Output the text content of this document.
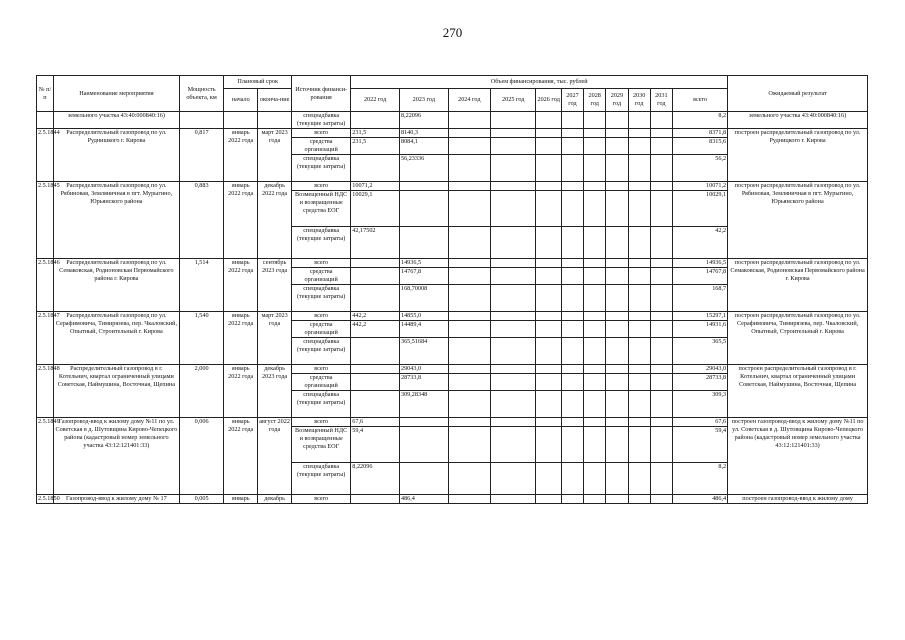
270
№ п/п	Наименование мероприятия	Мощность объекта, км	Плановый срок		Источник финанси-рования	Объем финансирования, тыс. рублей											Ожидаемый результат
			начало	оконча-ние		2022 год	2023 год	2024 год	2025 год	2026 год	2027 год	2028 год	2029 год	2030 год	2031 год	всего	

	земельного участка 43:40:000840:16)				спецнадбавка (текущие затраты)		8,22096									8,2	земельного участка 43:40:000840:16)
2.5.1844	Распределительный газопровод по ул. Руднишкого г. Кирова	0,817	январь 2022 года	март 2023 года	всего	231,5	8140,3									8371,8	построен распределительный газопровод по ул. Рудницкого г. Кирова
					средства организаций	231,5	8084,1									8315,6	
					спецнадбавка (текущие затраты)		56,23336									56,2	
2.5.1845	Распределительный газопровод по ул. Рябиновая, Земляничная в пгт. Мурыгино, Юрьянского района	0,883	январь 2022 года	декабрь 2022 года	всего	10071,2										10071,2	построен распределительный газопровод по ул. Рябиновая, Земляничная в пгт. Мурыгино, Юрьянского района
					Возмещенный НДС и возвращенные средства ЕОГ	10029,1										10029,1	
					спецнадбавка (текущие затраты)	42,17502										42,2	
2.5.1846	Распределительный газопровод по ул. Семаковская, Родионовская Первомайского района г. Кирова	1,514	январь 2022 года	сентябрь 2023 года	всего		14936,5									14936,5	построен распределительный газопровод по ул. Семаковская, Родионовская Первомайского района г. Кирова
					средства организаций		14767,8									14767,8	
					спецнадбавка (текущие затраты)		168,70008									168,7	
2.5.1847	Распределительный газопровод по ул. Серафимовича, Тимирязева, пер. Чкаловский, Опытный, Строительный г. Кирова	1,540	январь 2022 года	март 2023 года	всего	442,2	14855,0									15297,1	построен распределительный газопровод по ул. Серафимовича, Тимирязева, пер. Чкаловский, Опытный, Строительный г. Кирова
					средства организаций	442,2	14489,4									14931,6	
					спецнадбавка (текущие затраты)		365,51684									365,5	
2.5.1848	Распределительный газопровод в г. Котельнич, квартал ограниченный улицами Советская, Наймушина, Восточная, Щепина	2,000	январь 2022 года	декабрь 2023 года	всего		29043,0									29043,0	построен распределительный газопровод в г. Котельнич, квартал ограниченный улицами Советская, Наймушина, Восточная, Щепина
					средства организаций		28733,8									28733,8	
					спецнадбавка (текущие затраты)		309,28348									309,3	
2.5.1849	Газопровод-ввод к жилому дому №11 по ул. Советская в д. Шутовщина Кирово-Чепецкого района (кадастровый номер земельного участка 43:12:121401:33)	0,006	январь 2022 года	август 2022 года	всего	67,6										67,6	построен газопровод-ввод к жилому дому №11 по ул. Советская в д. Шутовщина Кирово-Чепецкого района (кадастровый номер земельного участка 43:12:121401:33)
					Возмещенный НДС и возвращенные средства ЕОГ	59,4										59,4	
					спецнадбавка (текущие затраты)	8,22096										8,2	
2.5.1850	Газопровод-ввод к жилому дому № 17	0,005	январь	декабрь	всего		486,4									486,4	построен газопровод-ввод к жилому дому
